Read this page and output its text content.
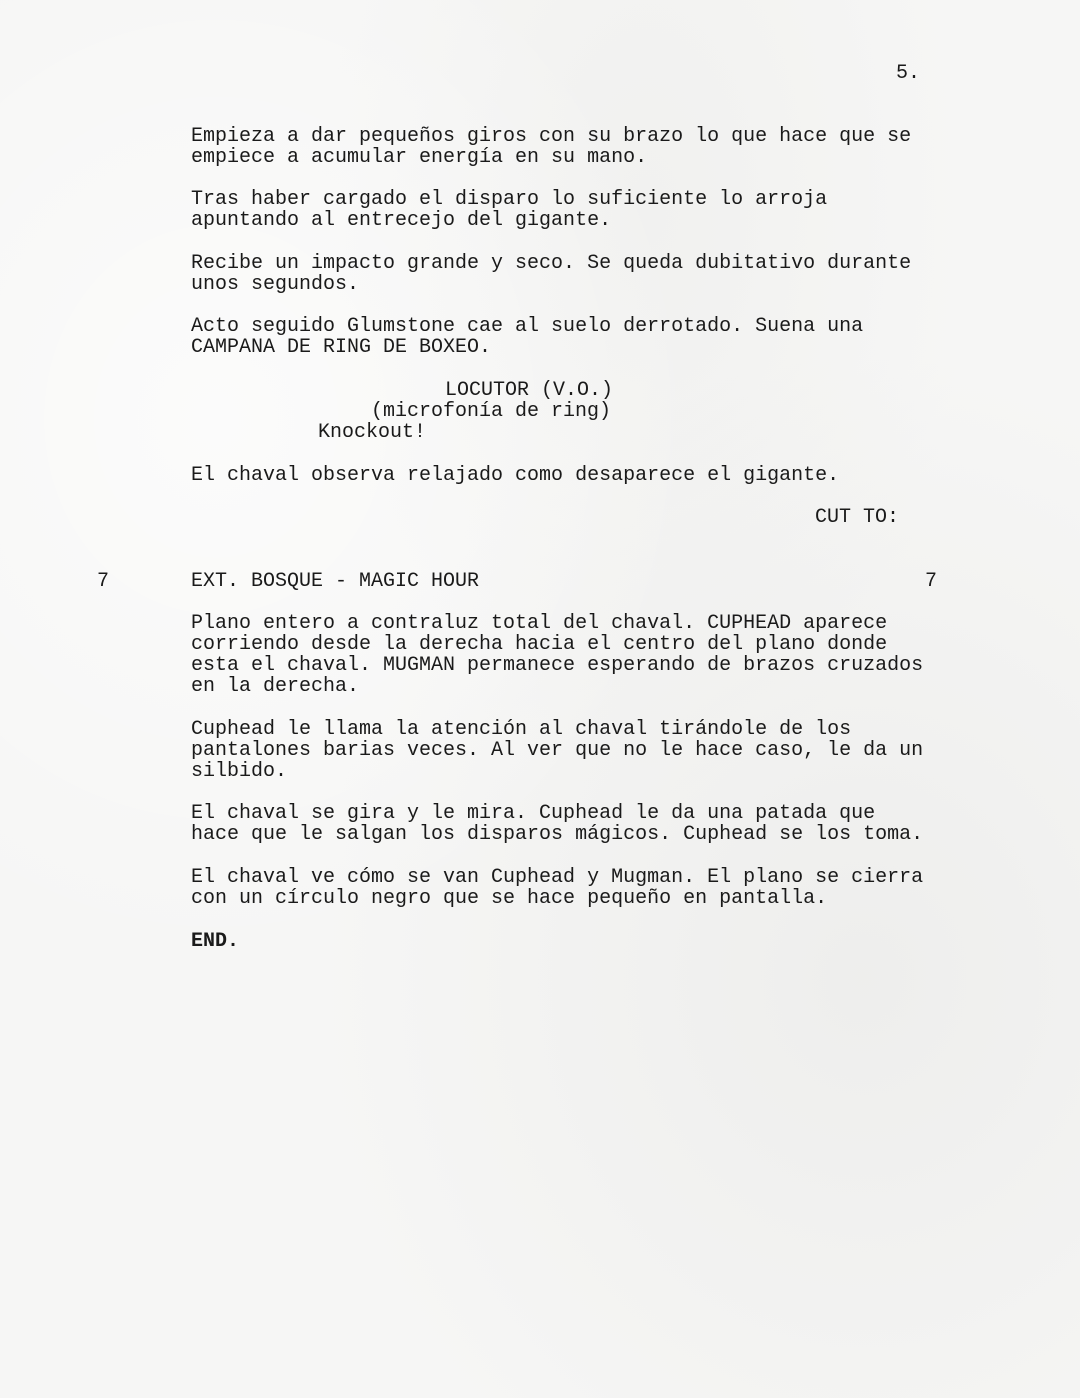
5.
Empieza a dar pequeños giros con su brazo lo que hace que se
empiece a acumular energía en su mano.
Tras haber cargado el disparo lo suficiente lo arroja
apuntando al entrecejo del gigante.
Recibe un impacto grande y seco. Se queda dubitativo durante
unos segundos.
Acto seguido Glumstone cae al suelo derrotado. Suena una
CAMPANA DE RING DE BOXEO.
LOCUTOR (V.O.)
(microfonía de ring)
Knockout!
El chaval observa relajado como desaparece el gigante.
CUT TO:
7	EXT. BOSQUE - MAGIC HOUR	7
Plano entero a contraluz total del chaval. CUPHEAD aparece
corriendo desde la derecha hacia el centro del plano donde
esta el chaval. MUGMAN permanece esperando de brazos cruzados
en la derecha.
Cuphead le llama la atención al chaval tirándole de los
pantalones barias veces. Al ver que no le hace caso, le da un
silbido.
El chaval se gira y le mira. Cuphead le da una patada que
hace que le salgan los disparos mágicos. Cuphead se los toma.
El chaval ve cómo se van Cuphead y Mugman. El plano se cierra
con un círculo negro que se hace pequeño en pantalla.
END.
